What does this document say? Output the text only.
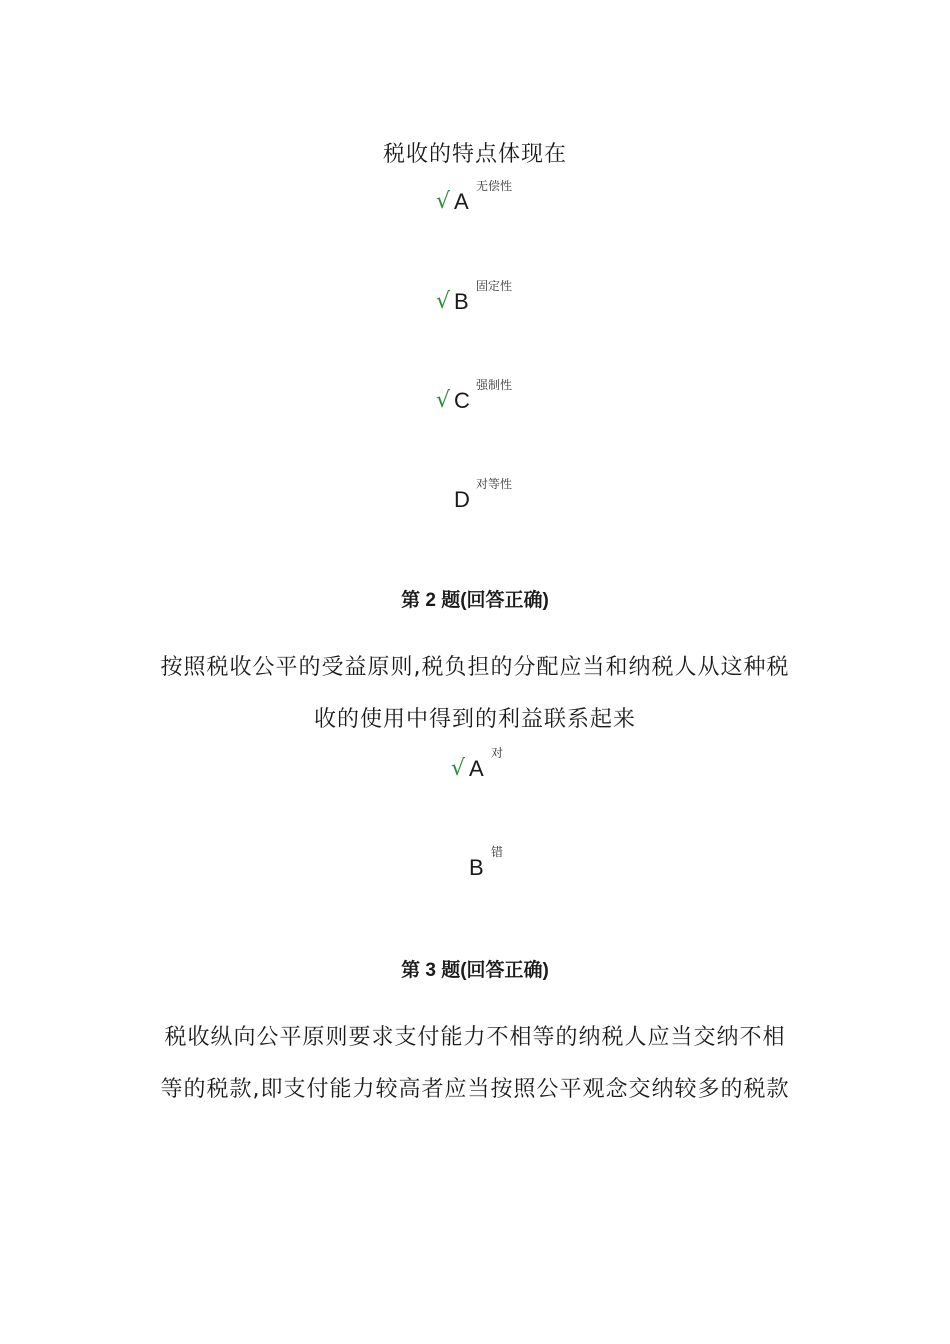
税收的特点体现在
√ A
无偿性
√ B
固定性
√ C
强制性
D
对等性
第 2 题(回答正确)
按照税收公平的受益原则,税负担的分配应当和纳税人从这种税
收的使用中得到的利益联系起来
√ A
对
B
错
第 3 题(回答正确)
税收纵向公平原则要求支付能力不相等的纳税人应当交纳不相
等的税款,即支付能力较高者应当按照公平观念交纳较多的税款
